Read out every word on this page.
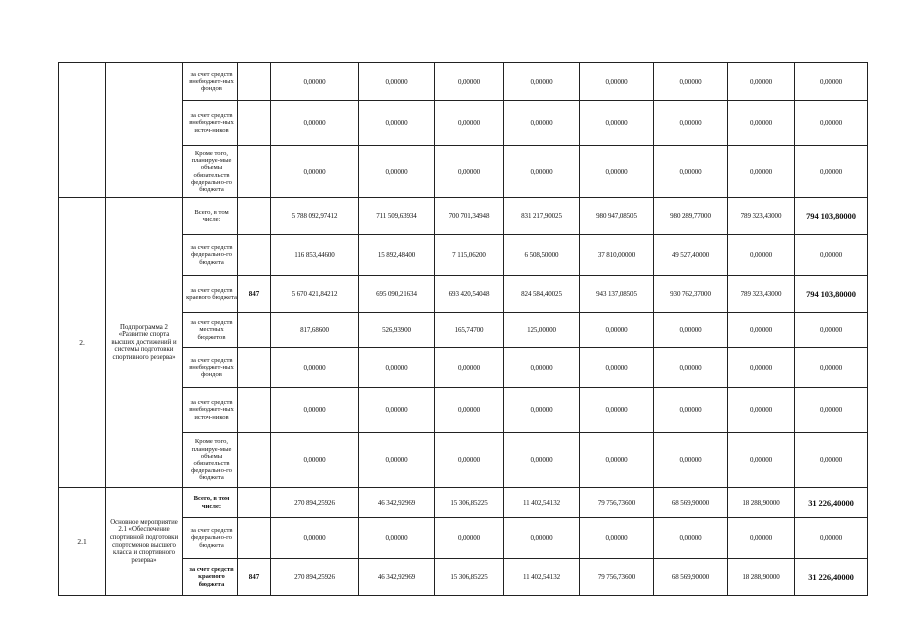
		за счет средств внебюджет-ных фондов		0,00000	0,00000	0,00000	0,00000	0,00000	0,00000	0,00000	0,00000
		за счет средств внебюджет-ных источ-ников		0,00000	0,00000	0,00000	0,00000	0,00000	0,00000	0,00000	0,00000
		Кроме того, планируе-мые объемы обязательств федерально-го бюджета		0,00000	0,00000	0,00000	0,00000	0,00000	0,00000	0,00000	0,00000
2.	Подпрограмма 2 «Развитие спорта высших достижений и системы подготовки спортивного резерва»	Всего, в том числе:		5 788 092,97412	711 509,63934	700 701,34948	831 217,90025	980 947,08505	980 289,77000	789 323,43000	794 103,80000
		за счет средств федерально-го бюджета		116 853,44600	15 892,48400	7 115,06200	6 508,50000	37 810,00000	49 527,40000	0,00000	0,00000
		за счет средств краевого бюджета	847	5 670 421,84212	695 090,21634	693 420,54048	824 584,40025	943 137,08505	930 762,37000	789 323,43000	794 103,80000
		за счет средств местных бюджетов		817,68600	526,93900	165,74700	125,00000	0,00000	0,00000	0,00000	0,00000
		за счет средств внебюджет-ных фондов		0,00000	0,00000	0,00000	0,00000	0,00000	0,00000	0,00000	0,00000
		за счет средств внебюджет-ных источ-ников		0,00000	0,00000	0,00000	0,00000	0,00000	0,00000	0,00000	0,00000
		Кроме того, планируе-мые объемы обязательств федерально-го бюджета		0,00000	0,00000	0,00000	0,00000	0,00000	0,00000	0,00000	0,00000
2.1	Основное мероприятие 2.1 «Обеспечение спортивной подготовки спортсменов высшего класса и спортивного резерва»	Всего, в том числе:		270 894,25926	46 342,92969	15 306,85225	11 402,54132	79 756,73600	68 569,90000	18 288,90000	31 226,40000
		за счет средств федерально-го бюджета		0,00000	0,00000	0,00000	0,00000	0,00000	0,00000	0,00000	0,00000
		за счет средств краевого бюджета	847	270 894,25926	46 342,92969	15 306,85225	11 402,54132	79 756,73600	68 569,90000	18 288,90000	31 226,40000
